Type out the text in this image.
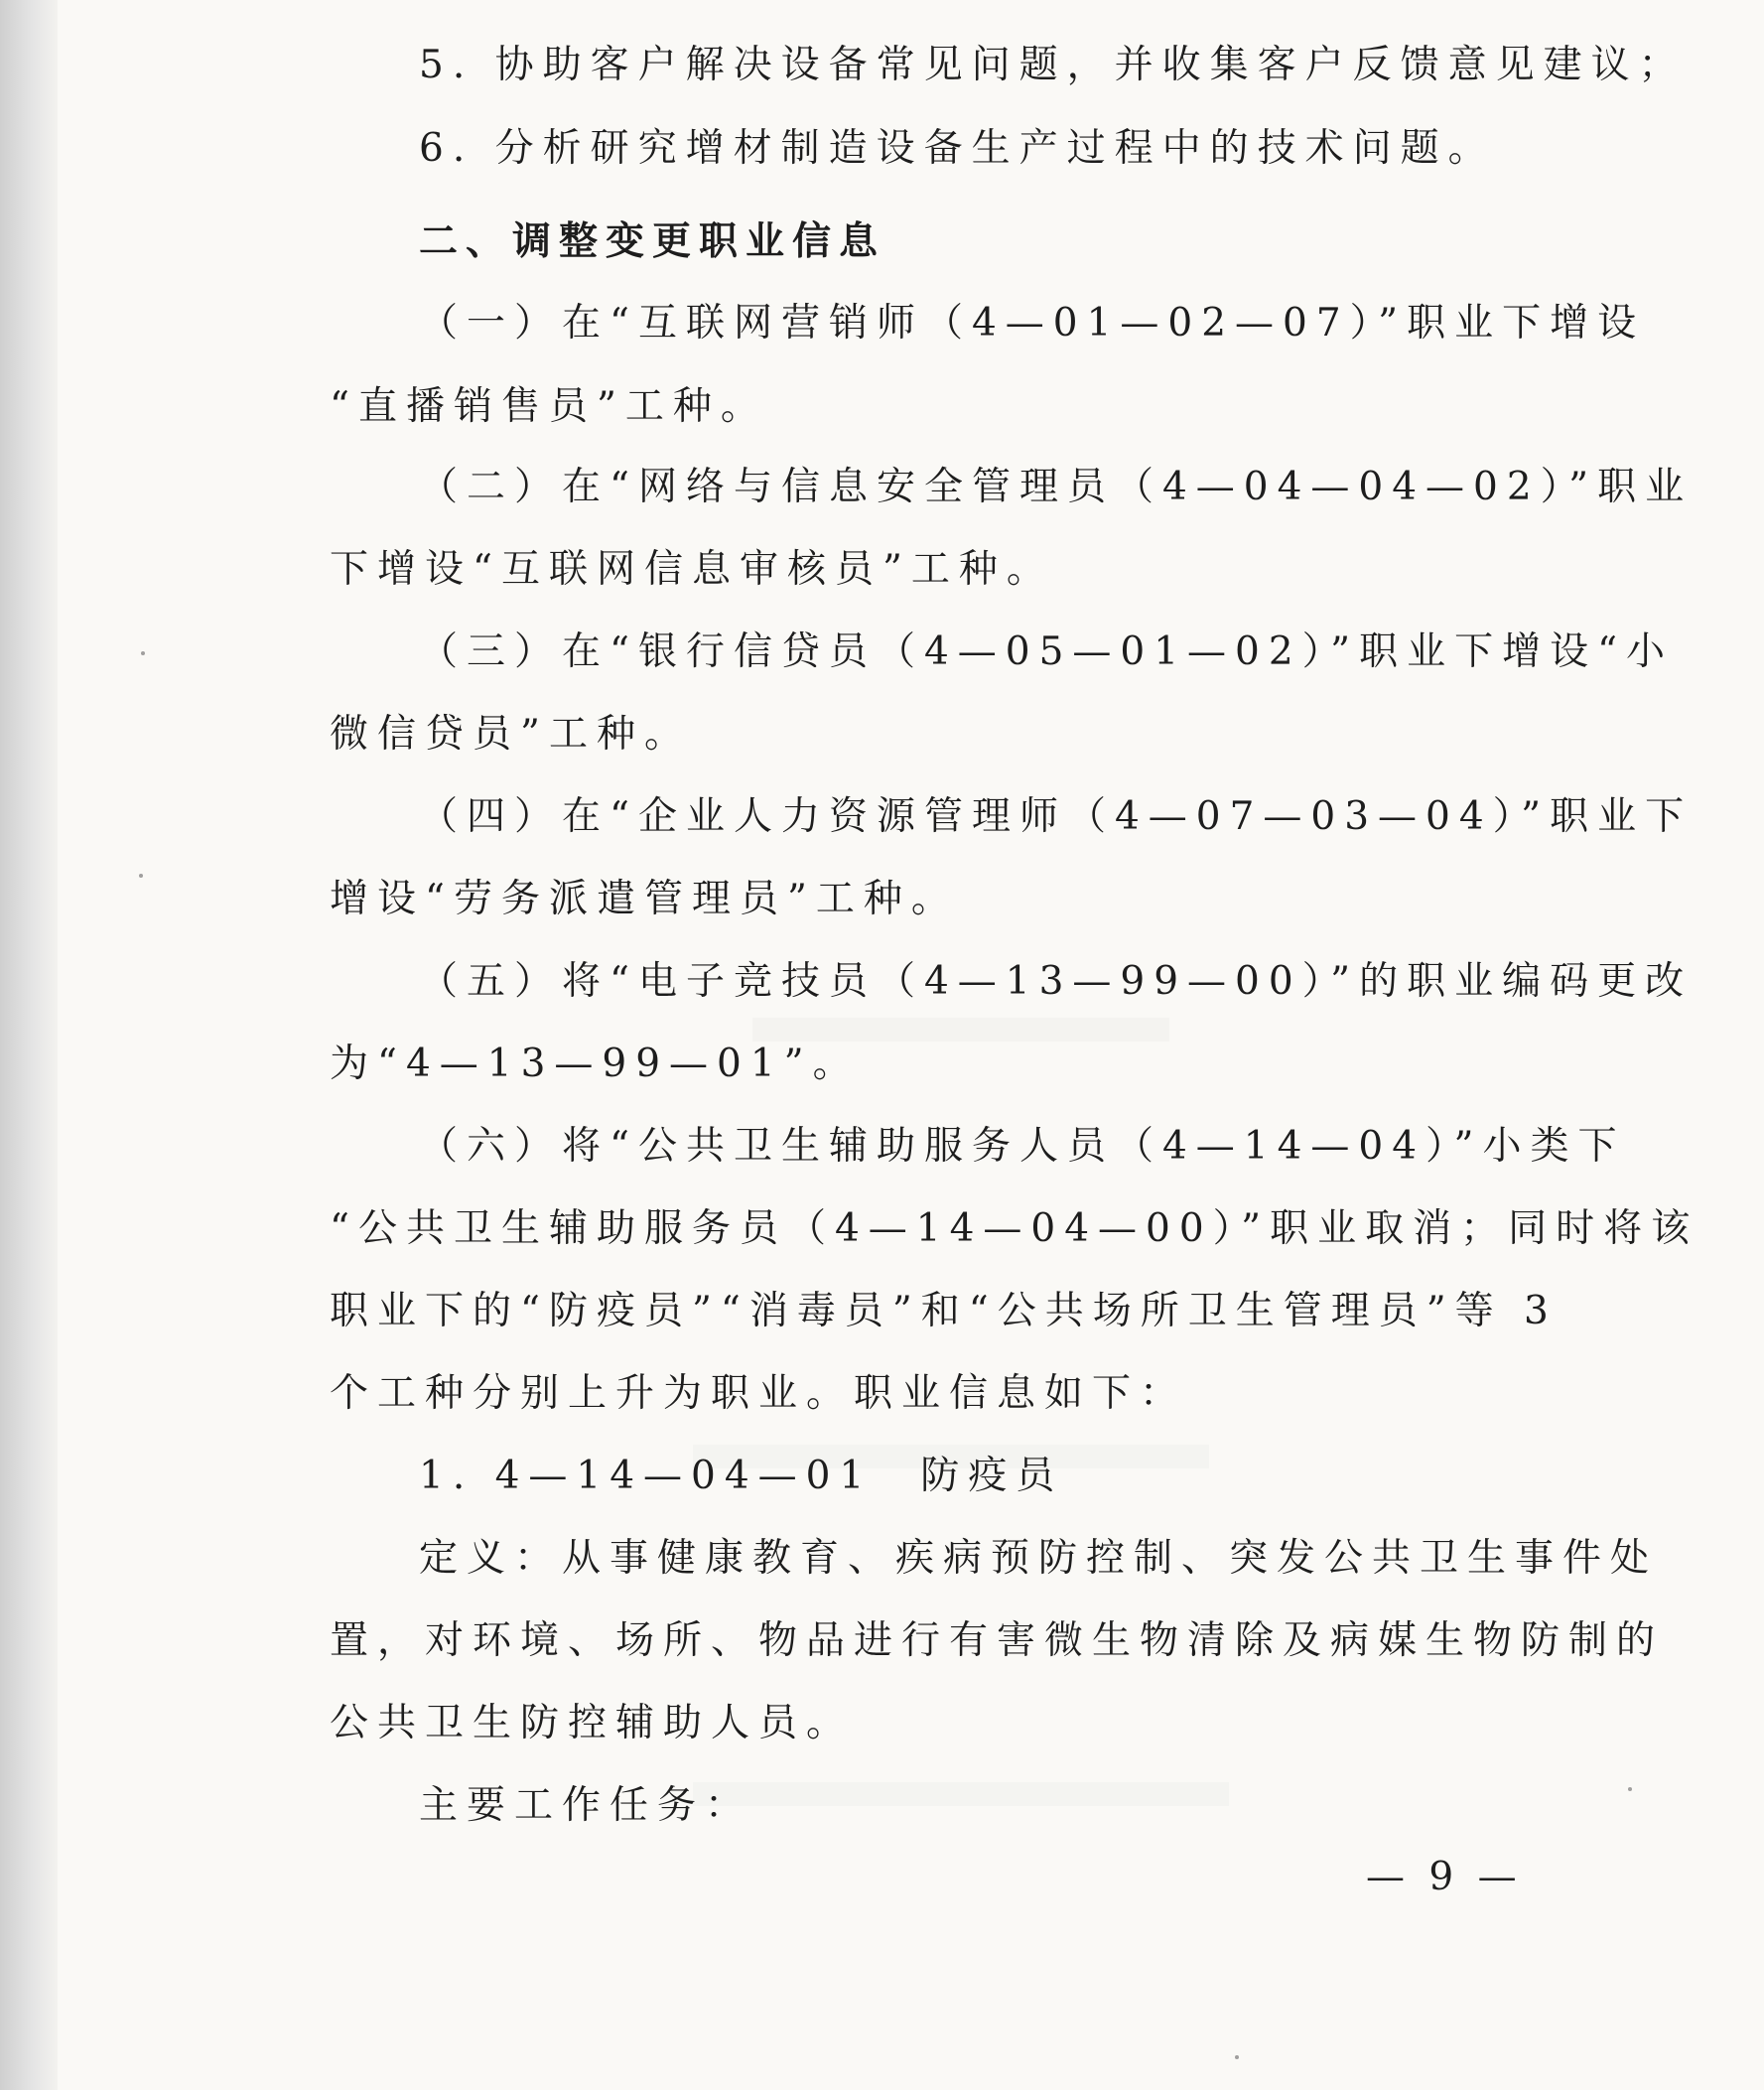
5. 协助客户解决设备常见问题，并收集客户反馈意见建议；
6. 分析研究增材制造设备生产过程中的技术问题。
二、调整变更职业信息
（一）在“互联网营销师（4—01—02—07）”职业下增设
“直播销售员”工种。
（二）在“网络与信息安全管理员（4—04—04—02）”职业
下增设“互联网信息审核员”工种。
（三）在“银行信贷员（4—05—01—02）”职业下增设“小
微信贷员”工种。
（四）在“企业人力资源管理师（4—07—03—04）”职业下
增设“劳务派遣管理员”工种。
（五）将“电子竞技员（4—13—99—00）”的职业编码更改
为“4—13—99—01”。
（六）将“公共卫生辅助服务人员（4—14—04）”小类下
“公共卫生辅助服务员（4—14—04—00）”职业取消；同时将该
职业下的“防疫员”“消毒员”和“公共场所卫生管理员”等 3
个工种分别上升为职业。职业信息如下：
1. 4—14—04—01　防疫员
定义：从事健康教育、疾病预防控制、突发公共卫生事件处
置，对环境、场所、物品进行有害微生物清除及病媒生物防制的
公共卫生防控辅助人员。
主要工作任务：
— 9 —
